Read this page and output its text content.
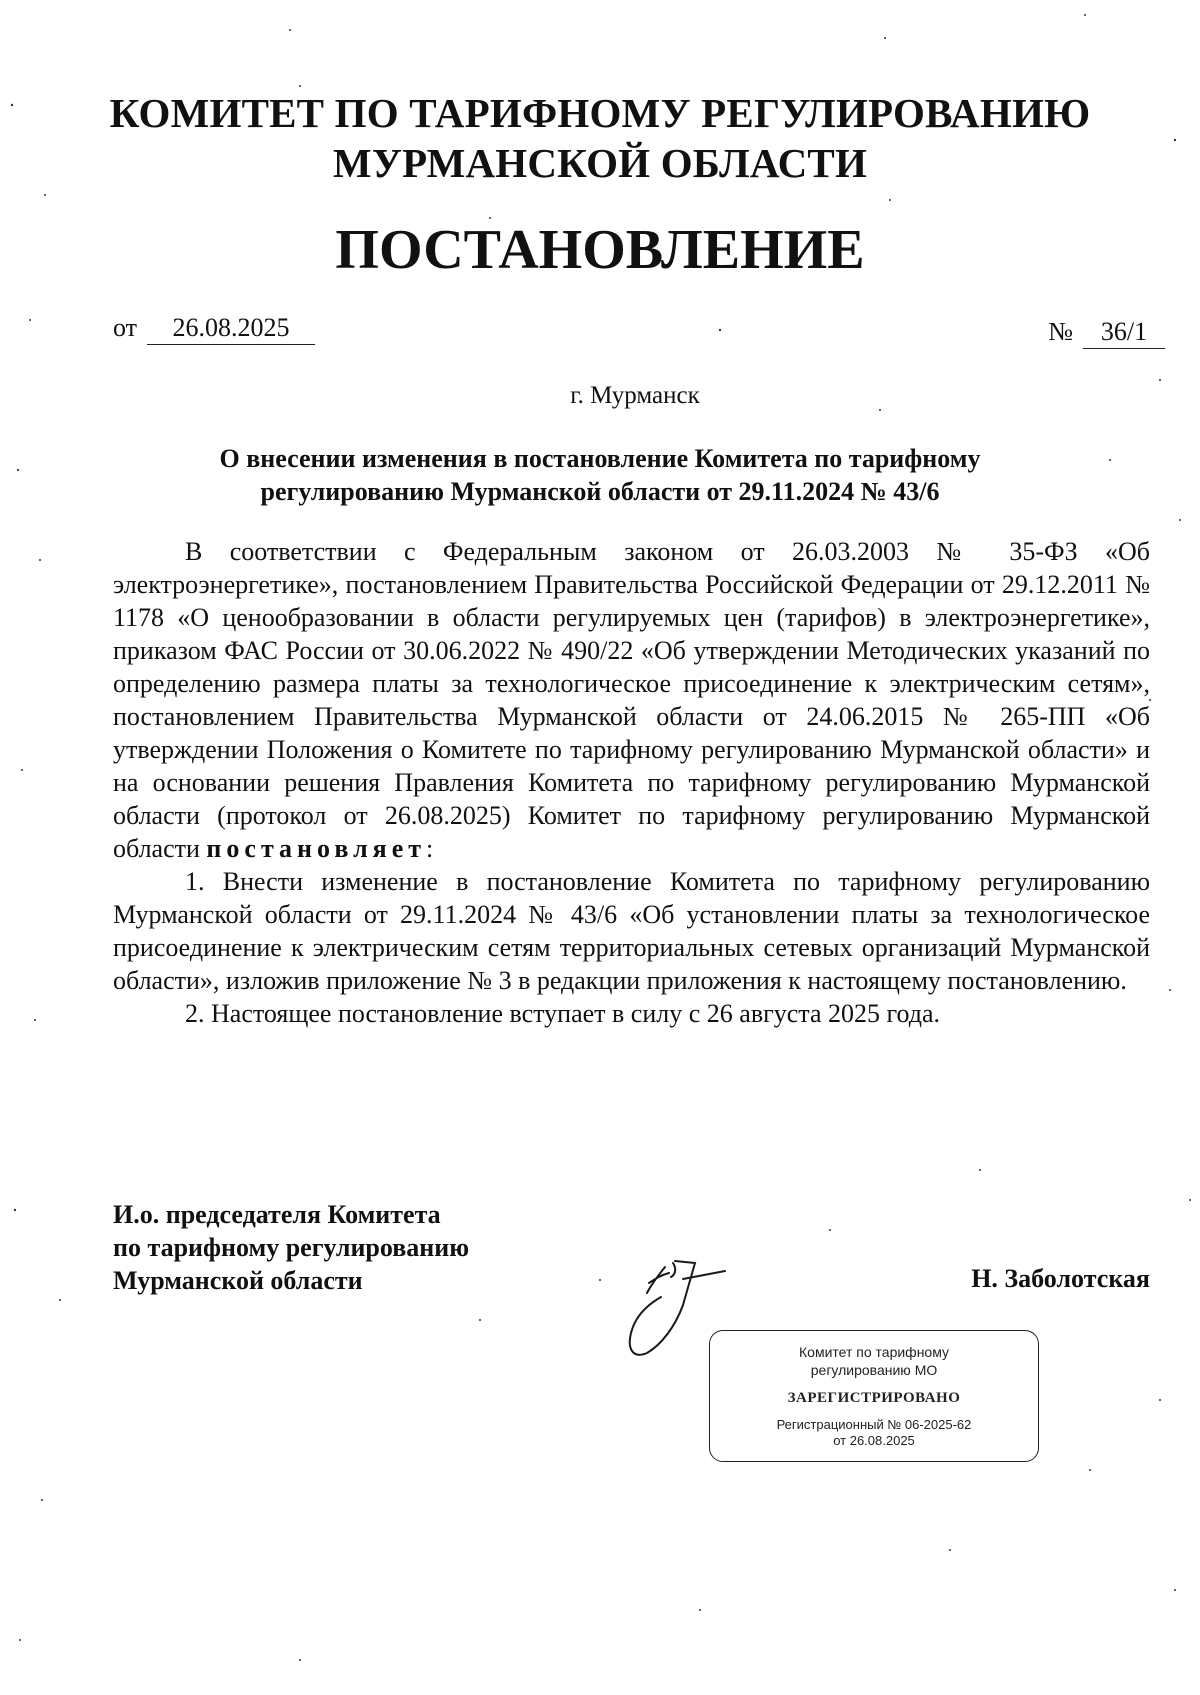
КОМИТЕТ ПО ТАРИФНОМУ РЕГУЛИРОВАНИЮ
МУРМАНСКОЙ ОБЛАСТИ
ПОСТАНОВЛЕНИЕ
от 26.08.2025	№ 36/1
г. Мурманск
О внесении изменения в постановление Комитета по тарифному
регулированию Мурманской области от 29.11.2024 № 43/6

В соответствии с Федеральным законом от 26.03.2003 № 35-ФЗ «Об электроэнергетике», постановлением Правительства Российской Федерации от 29.12.2011 № 1178 «О ценообразовании в области регулируемых цен (тарифов) в электроэнергетике», приказом ФАС России от 30.06.2022 № 490/22 «Об утверждении Методических указаний по определению размера платы за технологическое присоединение к электрическим сетям», постановлением Правительства Мурманской области от 24.06.2015 № 265-ПП «Об утверждении Положения о Комитете по тарифному регулированию Мурманской области» и на основании решения Правления Комитета по тарифному регулированию Мурманской области (протокол от 26.08.2025) Комитет по тарифному регулированию Мурманской области постановляет:

1. Внести изменение в постановление Комитета по тарифному регулированию Мурманской области от 29.11.2024 № 43/6 «Об установлении платы за технологическое присоединение к электрическим сетям территориальных сетевых организаций Мурманской области», изложив приложение № 3 в редакции приложения к настоящему постановлению.

2. Настоящее постановление вступает в силу с 26 августа 2025 года.

И.о. председателя Комитета
по тарифному регулированию
Мурманской области	Н. Заболотская
Комитет по тарифному
регулированию МО
ЗАРЕГИСТРИРОВАНО
Регистрационный № 06-2025-62
от 26.08.2025
